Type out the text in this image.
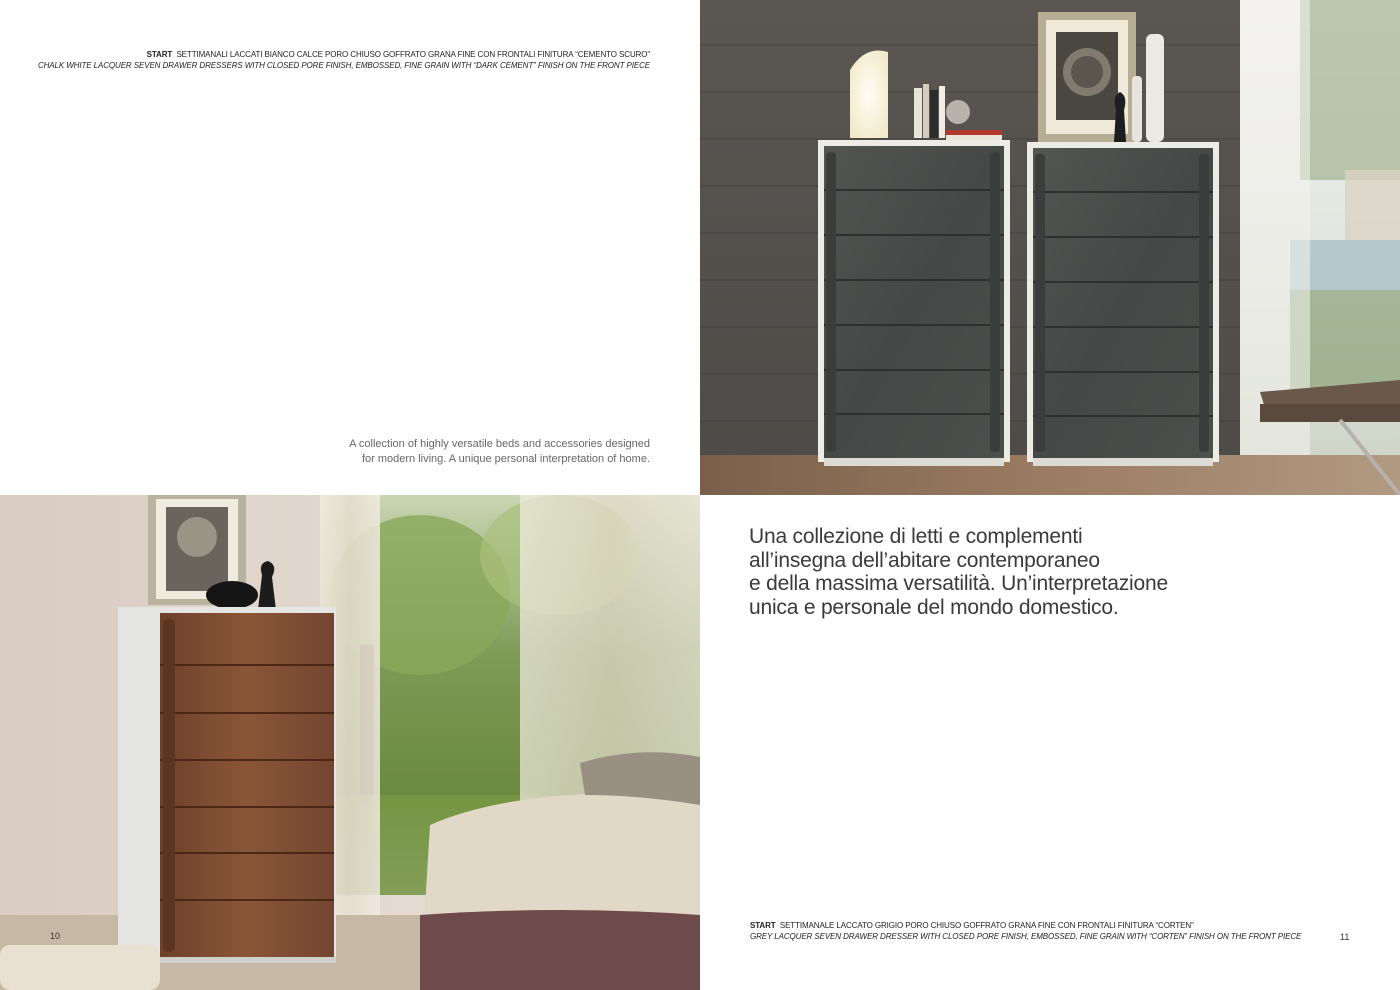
START SETTIMANALI LACCATI BIANCO CALCE PORO CHIUSO GOFFRATO GRANA FINE CON FRONTALI FINITURA “CEMENTO SCURO”
CHALK WHITE LACQUER SEVEN DRAWER DRESSERS WITH CLOSED PORE FINISH, EMBOSSED, FINE GRAIN WITH “DARK CEMENT” FINISH ON THE FRONT PIECE
A collection of highly versatile beds and accessories designed
for modern living. A unique personal interpretation of home.
Una collezione di letti e complementi
all’insegna dell’abitare contemporaneo
e della massima versatilità. Un’interpretazione
unica e personale del mondo domestico.
START SETTIMANALE LACCATO GRIGIO PORO CHIUSO GOFFRATO GRANA FINE CON FRONTALI FINITURA “CORTEN”
GREY LACQUER SEVEN DRAWER DRESSER WITH CLOSED PORE FINISH, EMBOSSED, FINE GRAIN WITH “CORTEN” FINISH ON THE FRONT PIECE
10	11
